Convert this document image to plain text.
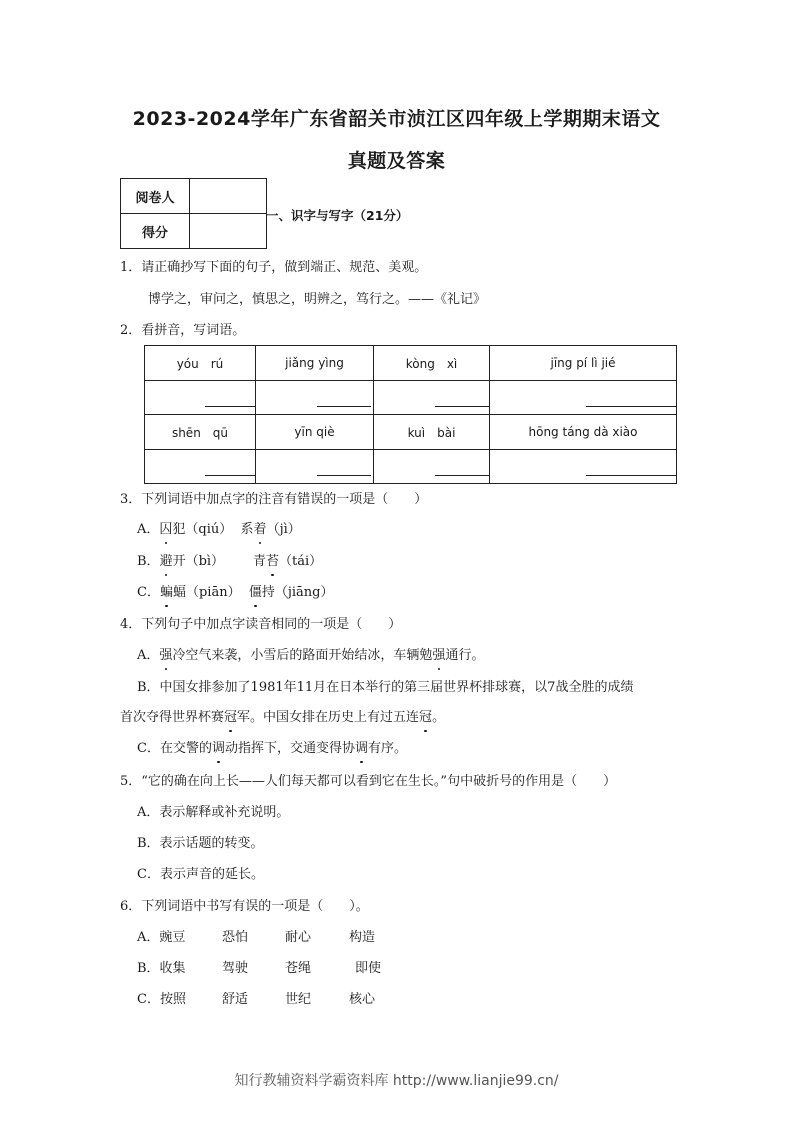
2023-2024学年广东省韶关市浈江区四年级上学期期末语文
真题及答案
阅卷人	
得分	
一、识字与写字（21分）
1．请正确抄写下面的句子，做到端正、规范、美观。
博学之，审问之，慎思之，明辨之，笃行之。——《礼记》
2．看拼音，写词语。
yóu　rú	jiǎng yìng	kòng　xì	jīng pí lì jié

shēn　qū	yīn qiè	kuì　bài	hōng táng dà xiào

3．下列词语中加点字的注音有错误的一项是（　　）
A．囚犯（qiú） 系着（jì）
B．避开（bì） 青苔（tái）
C．蝙蝠（piān） 僵持（jiāng）
4．下列句子中加点字读音相同的一项是（　　）
A．强冷空气来袭，小雪后的路面开始结冰，车辆勉强通行。
B．中国女排参加了1981年11月在日本举行的第三届世界杯排球赛，以7战全胜的成绩
首次夺得世界杯赛冠军。中国女排在历史上有过五连冠。
C．在交警的调动指挥下，交通变得协调有序。
5．“它的确在向上长——人们每天都可以看到它在生长。”句中破折号的作用是（　　）
A．表示解释或补充说明。
B．表示话题的转变。
C．表示声音的延长。
6．下列词语中书写有误的一项是（　　）。
A．豌豆	恐怕	耐心	构造
B．收集	驾驶	苍绳	即使
C．按照	舒适	世纪	核心
知行教辅资料学霸资料库 http://www.lianjie99.cn/
